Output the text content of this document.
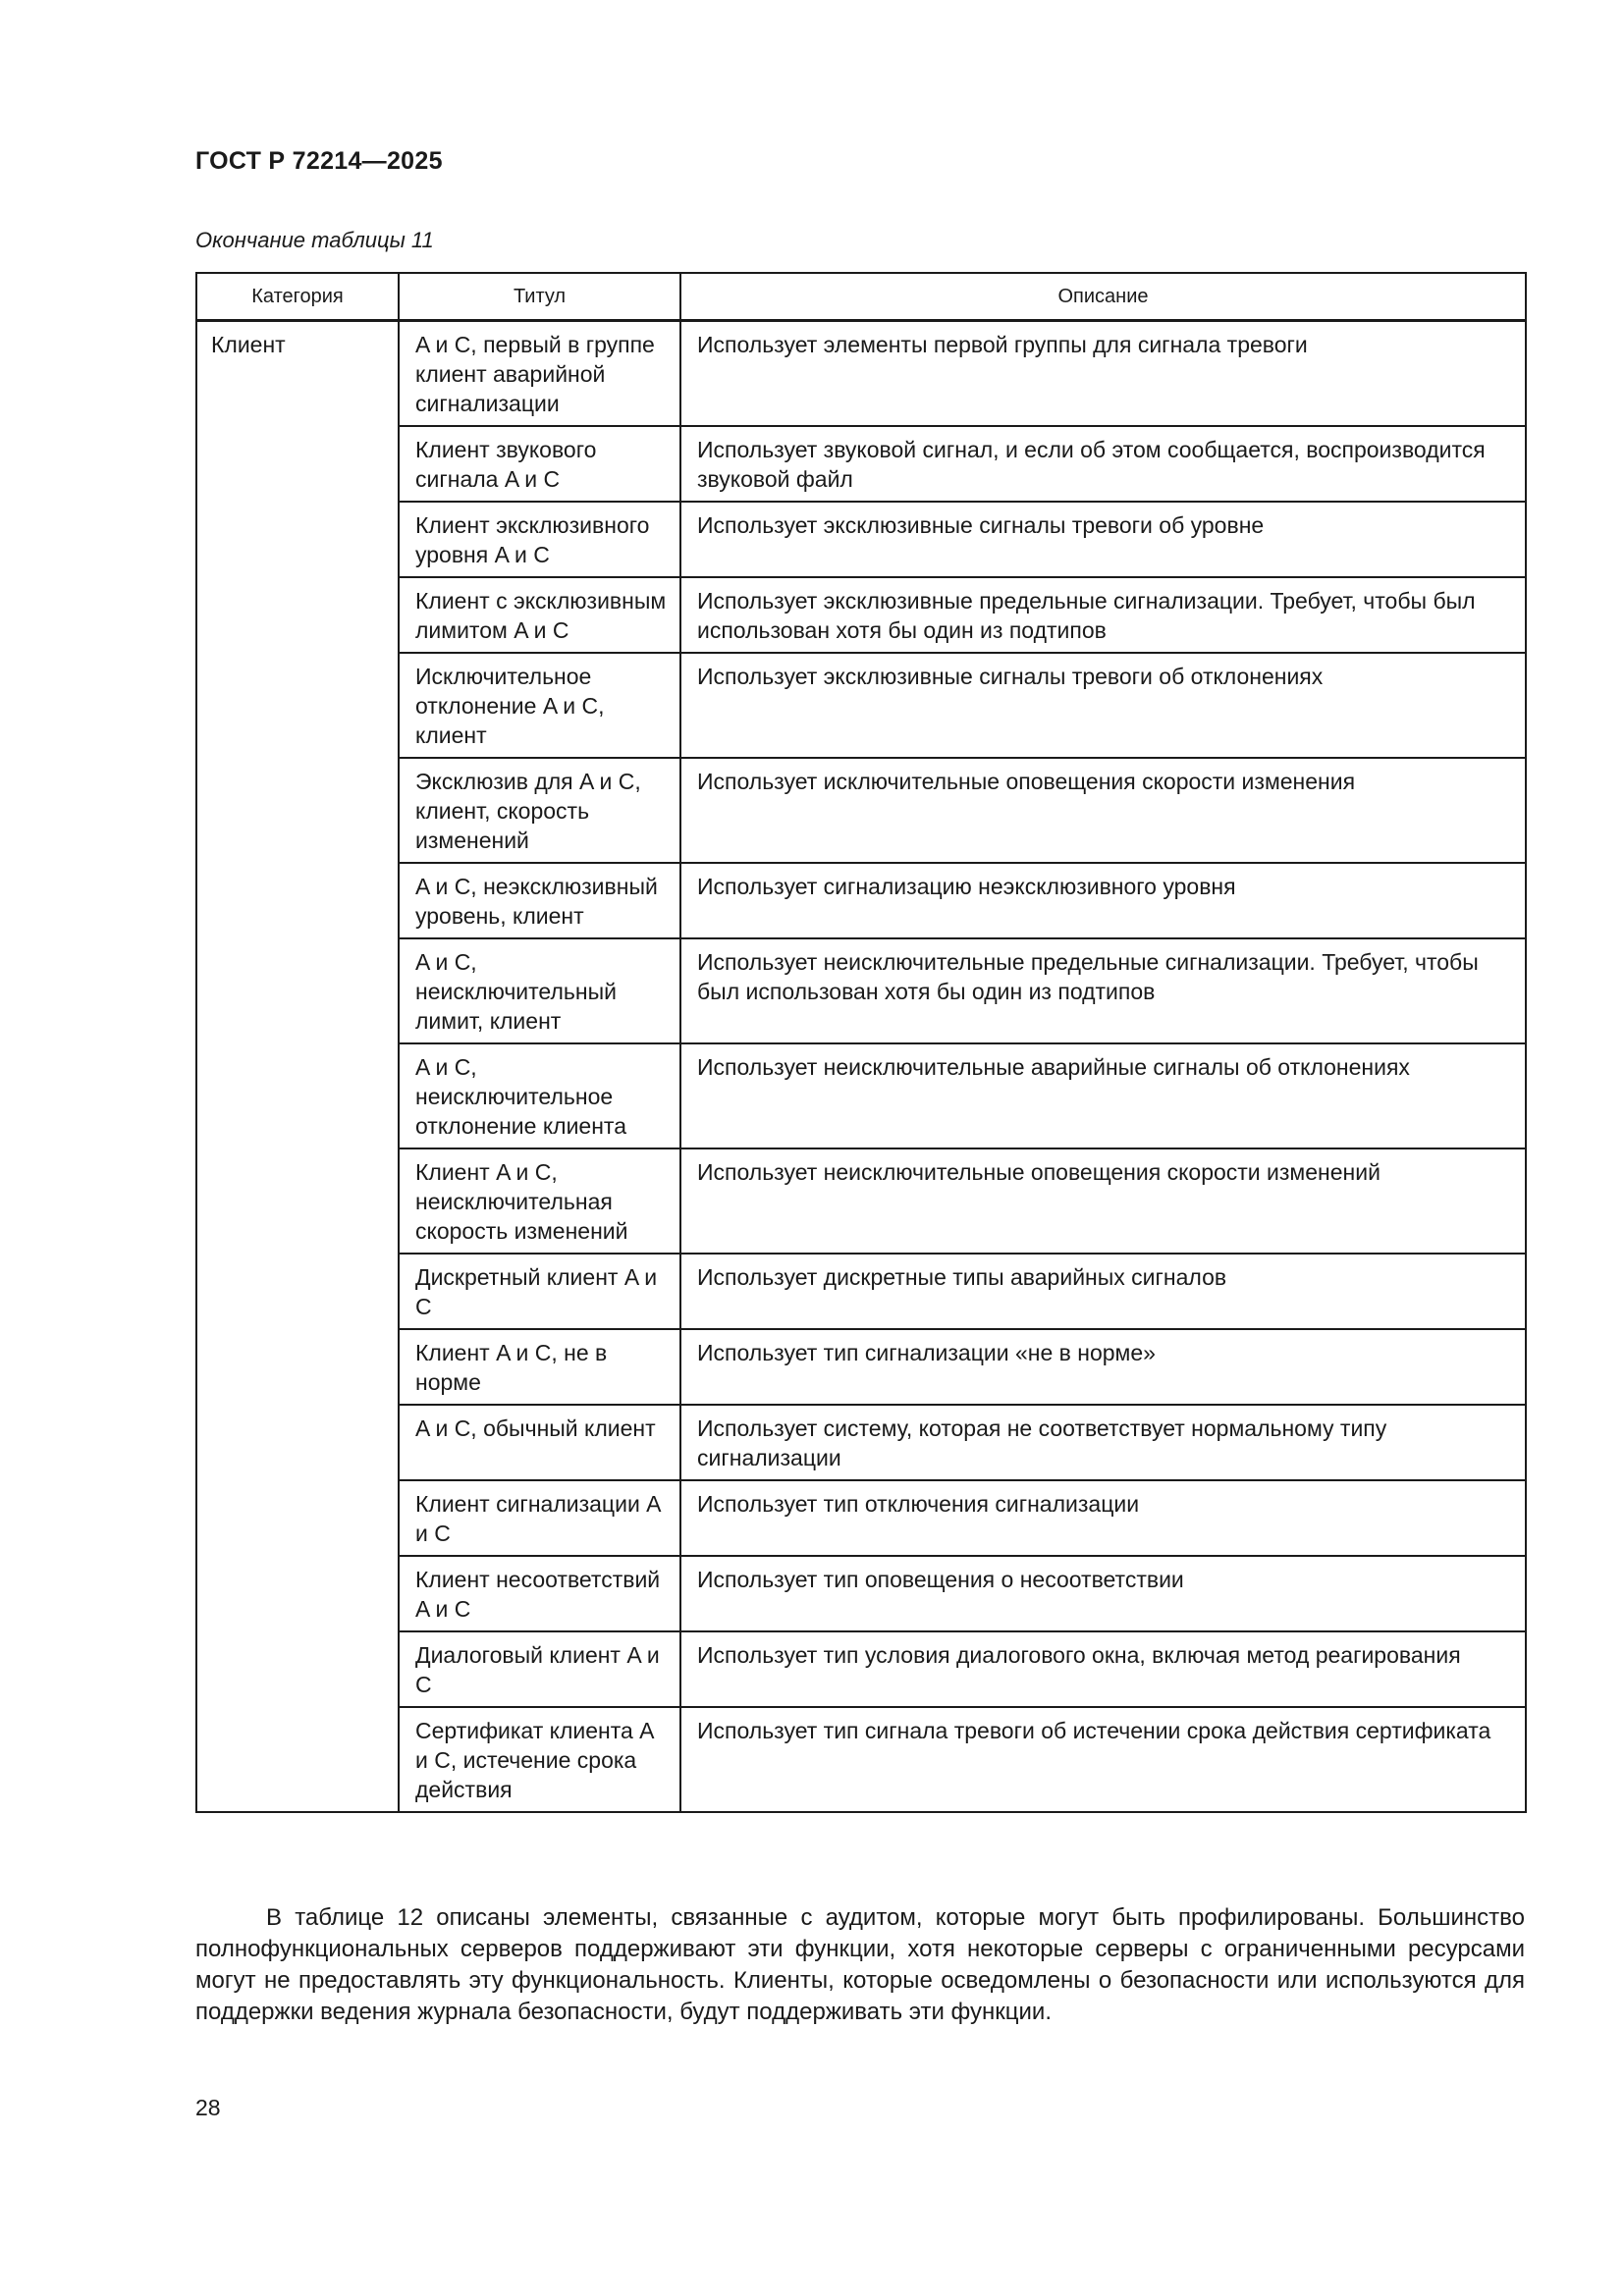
ГОСТ Р 72214—2025
Окончание таблицы 11
Категория	Титул	Описание
Клиент	A и C, первый в группе клиент аварийной сигнализации	Использует элементы первой группы для сигнала тревоги
	Клиент звукового сигнала A и C	Использует звуковой сигнал, и если об этом сообщается, воспроизводится звуковой файл
	Клиент эксклюзивного уровня A и C	Использует эксклюзивные сигналы тревоги об уровне
	Клиент с эксклюзивным лимитом A и C	Использует эксклюзивные предельные сигнализации. Требует, чтобы был использован хотя бы один из подтипов
	Исключительное отклонение A и C, клиент	Использует эксклюзивные сигналы тревоги об отклонениях
	Эксклюзив для A и C, клиент, скорость изменений	Использует исключительные оповещения скорости изменения
	A и C, неэксклюзивный уровень, клиент	Использует сигнализацию неэксклюзивного уровня
	A и C, неисключительный лимит, клиент	Использует неисключительные предельные сигнализации. Требует, чтобы был использован хотя бы один из подтипов
	A и C, неисключительное отклонение клиента	Использует неисключительные аварийные сигналы об отклонениях
	Клиент A и C, неисключительная скорость изменений	Использует неисключительные оповещения скорости изменений
	Дискретный клиент A и C	Использует дискретные типы аварийных сигналов
	Клиент A и C, не в норме	Использует тип сигнализации «не в норме»
	A и C, обычный клиент	Использует систему, которая не соответствует нормальному типу сигнализации
	Клиент сигнализации A и C	Использует тип отключения сигнализации
	Клиент несоответствий A и C	Использует тип оповещения о несоответствии
	Диалоговый клиент A и C	Использует тип условия диалогового окна, включая метод реагирования
	Сертификат клиента A и C, истечение срока действия	Использует тип сигнала тревоги об истечении срока действия сертификата
В таблице 12 описаны элементы, связанные с аудитом, которые могут быть профилированы. Большинство полнофункциональных серверов поддерживают эти функции, хотя некоторые серверы с ограниченными ресурсами могут не предоставлять эту функциональность. Клиенты, которые осведомлены о безопасности или используются для поддержки ведения журнала безопасности, будут поддерживать эти функции.
28
